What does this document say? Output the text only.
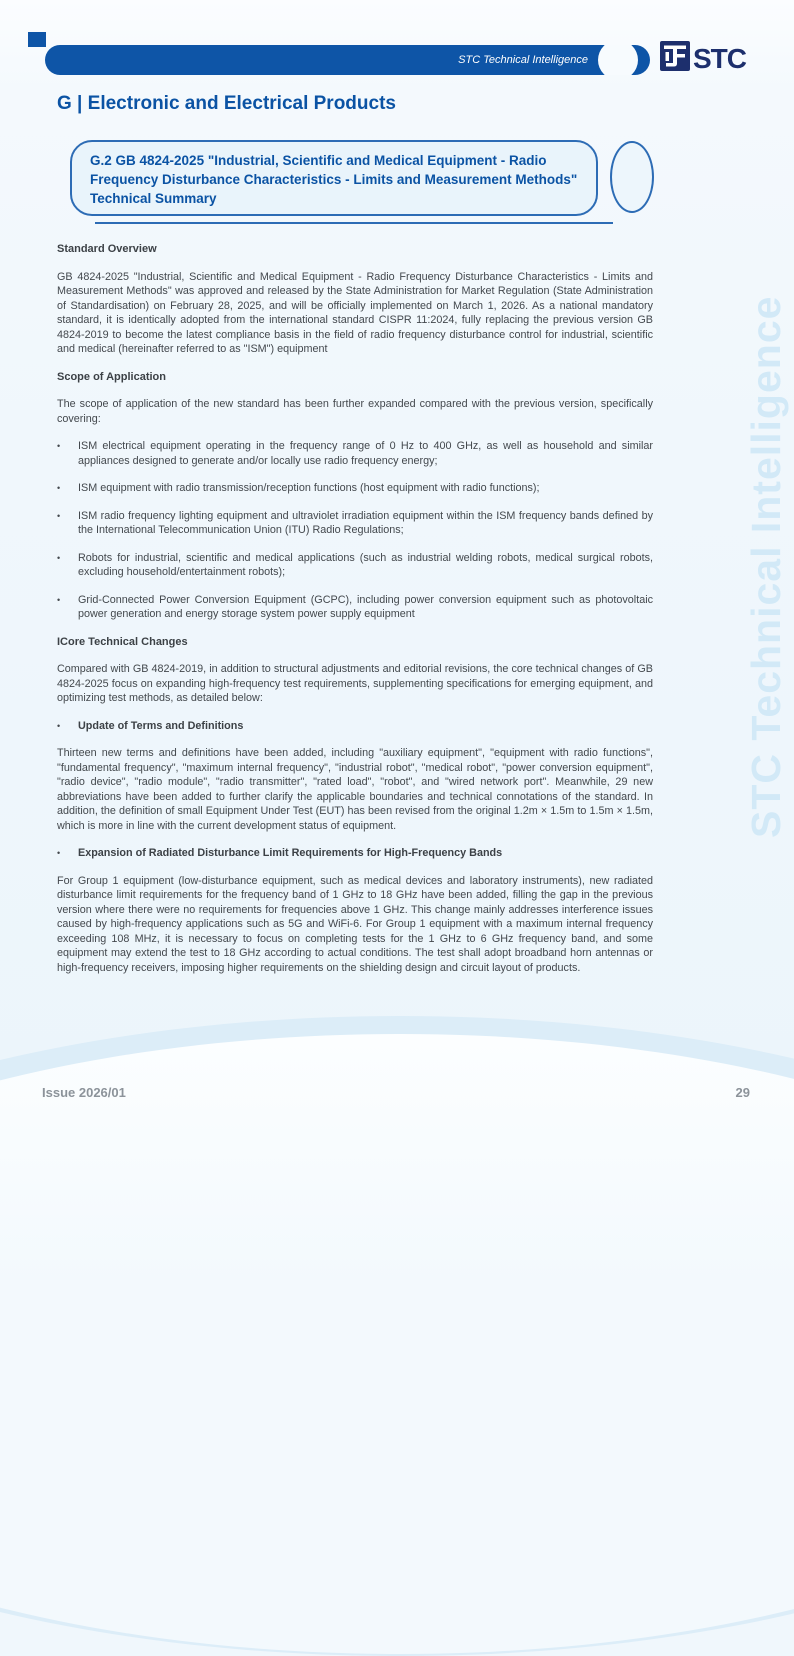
STC Technical Intelligence
STC Technical Intelligence	STC
G | Electronic and Electrical Products
G.2 GB 4824-2025 "Industrial, Scientific and Medical Equipment - Radio Frequency Disturbance Characteristics - Limits and Measurement Methods" Technical Summary
Standard Overview

GB 4824-2025 "Industrial, Scientific and Medical Equipment - Radio Frequency Disturbance Characteristics - Limits and Measurement Methods" was approved and released by the State Administration for Market Regulation (State Administration of Standardisation) on February 28, 2025, and will be officially implemented on March 1, 2026. As a national mandatory standard, it is identically adopted from the international standard CISPR 11:2024, fully replacing the previous version GB 4824-2019 to become the latest compliance basis in the field of radio frequency disturbance control for industrial, scientific and medical (hereinafter referred to as "ISM") equipment

Scope of Application

The scope of application of the new standard has been further expanded compared with the previous version, specifically covering:

•	ISM electrical equipment operating in the frequency range of 0 Hz to 400 GHz, as well as household and similar appliances designed to generate and/or locally use radio frequency energy;
•	ISM equipment with radio transmission/reception functions (host equipment with radio functions);
•	ISM radio frequency lighting equipment and ultraviolet irradiation equipment within the ISM frequency bands defined by the International Telecommunication Union (ITU) Radio Regulations;
•	Robots for industrial, scientific and medical applications (such as industrial welding robots, medical surgical robots, excluding household/entertainment robots);
•	Grid-Connected Power Conversion Equipment (GCPC), including power conversion equipment such as photovoltaic power generation and energy storage system power supply equipment
ICore Technical Changes

Compared with GB 4824-2019, in addition to structural adjustments and editorial revisions, the core technical changes of GB 4824-2025 focus on expanding high-frequency test requirements, supplementing specifications for emerging equipment, and optimizing test methods, as detailed below:

•	Update of Terms and Definitions

Thirteen new terms and definitions have been added, including "auxiliary equipment", "equipment with radio functions", "fundamental frequency", "maximum internal frequency", "industrial robot", "medical robot", "power conversion equipment", "radio device", "radio module", "radio transmitter", "rated load", "robot", and "wired network port". Meanwhile, 29 new abbreviations have been added to further clarify the applicable boundaries and technical connotations of the standard. In addition, the definition of small Equipment Under Test (EUT) has been revised from the original 1.2m × 1.5m to 1.5m × 1.5m, which is more in line with the current development status of equipment.

•	Expansion of Radiated Disturbance Limit Requirements for High-Frequency Bands

For Group 1 equipment (low-disturbance equipment, such as medical devices and laboratory instruments), new radiated disturbance limit requirements for the frequency band of 1 GHz to 18 GHz have been added, filling the gap in the previous version where there were no requirements for frequencies above 1 GHz. This change mainly addresses interference issues caused by high-frequency applications such as 5G and WiFi-6. For Group 1 equipment with a maximum internal frequency exceeding 108 MHz, it is necessary to focus on completing tests for the 1 GHz to 6 GHz frequency band, and some equipment may extend the test to 18 GHz according to actual conditions. The test shall adopt broadband horn antennas or high-frequency receivers, imposing higher requirements on the shielding design and circuit layout of products.

Issue 2026/01	29
